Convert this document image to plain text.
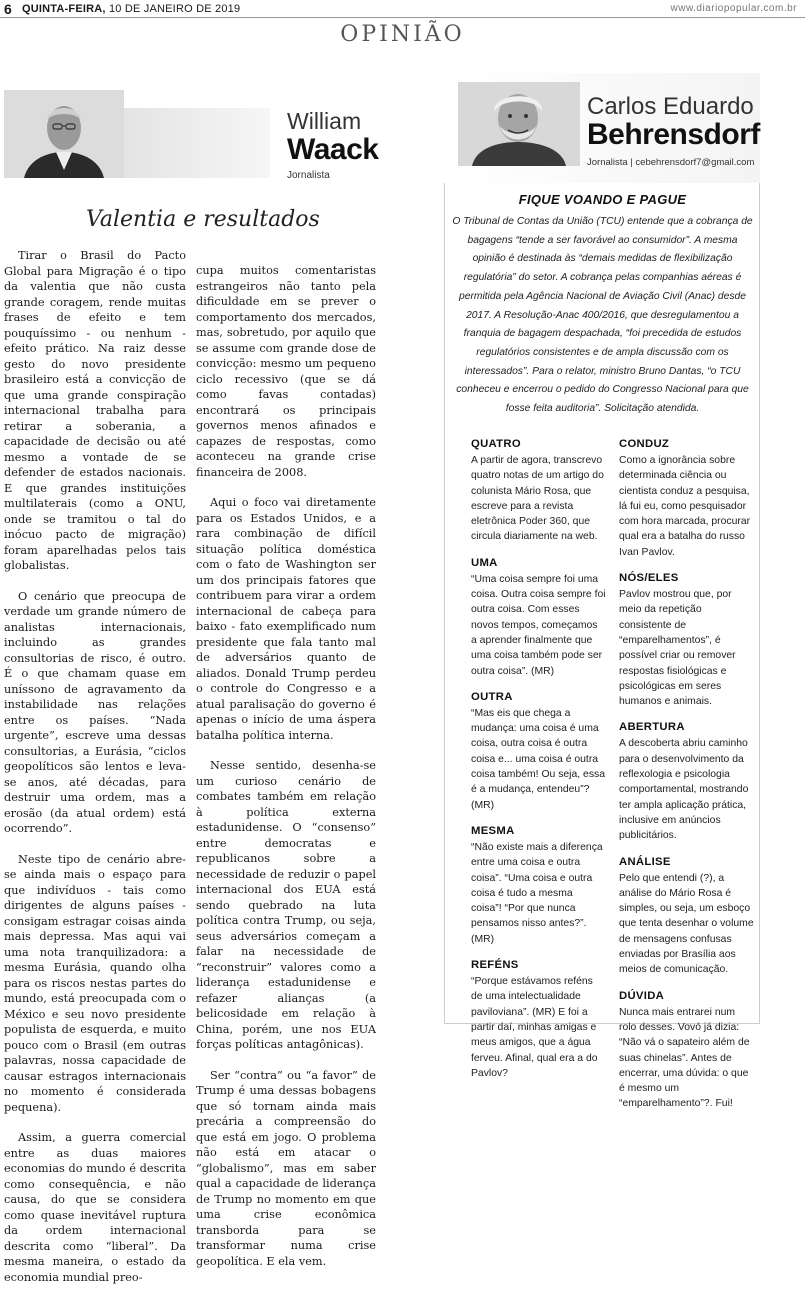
6 QUINTA-FEIRA, 10 DE JANEIRO DE 2019	www.diariopopular.com.br
OPINIÃO
William
Waack
Jornalista
Carlos Eduardo
Behrensdorf
Jornalista | cebehrensdorf7@gmail.com
Valentia e resultados

Tirar o Brasil do Pacto Global para Migração é o tipo da valentia que não custa grande coragem, rende muitas frases de efeito e tem pouquíssimo - ou nenhum - efeito prático. Na raiz desse gesto do novo presidente brasileiro está a convicção de que uma grande conspiração internacional trabalha para retirar a soberania, a capacidade de decisão ou até mesmo a vontade de se defender de estados nacionais. E que grandes instituições multilaterais (como a ONU, onde se tramitou o tal do inócuo pacto de migração) foram aparelhadas pelos tais globalistas.

O cenário que preocupa de verdade um grande número de analistas internacionais, incluindo as grandes consultorias de risco, é outro. É o que chamam quase em uníssono de agravamento da instabilidade nas relações entre os países. “Nada urgente”, escreve uma dessas consultorias, a Eurásia, “ciclos geopolíticos são lentos e leva-se anos, até décadas, para destruir uma ordem, mas a erosão (da atual ordem) está ocorrendo”.

Neste tipo de cenário abre-se ainda mais o espaço para que indivíduos - tais como dirigentes de alguns países - consigam estragar coisas ainda mais depressa. Mas aqui vai uma nota tranquilizadora: a mesma Eurásia, quando olha para os riscos nestas partes do mundo, está preocupada com o México e seu novo presidente populista de esquerda, e muito pouco com o Brasil (em outras palavras, nossa capacidade de causar estragos internacionais no momento é considerada pequena).

Assim, a guerra comercial entre as duas maiores economias do mundo é descrita como consequência, e não causa, do que se considera como quase inevitável ruptura da ordem internacional descrita como “liberal”. Da mesma maneira, o estado da economia mundial preo-

cupa muitos comentaristas estrangeiros não tanto pela dificuldade em se prever o comportamento dos mercados, mas, sobretudo, por aquilo que se assume com grande dose de convicção: mesmo um pequeno ciclo recessivo (que se dá como favas contadas) encontrará os principais governos menos afinados e capazes de respostas, como aconteceu na grande crise financeira de 2008.

Aqui o foco vai diretamente para os Estados Unidos, e a rara combinação de difícil situação política doméstica com o fato de Washington ser um dos principais fatores que contribuem para virar a ordem internacional de cabeça para baixo - fato exemplificado num presidente que fala tanto mal de adversários quanto de aliados. Donald Trump perdeu o controle do Congresso e a atual paralisação do governo é apenas o início de uma áspera batalha política interna.

Nesse sentido, desenha-se um curioso cenário de combates também em relação à política externa estadunidense. O “consenso” entre democratas e republicanos sobre a necessidade de reduzir o papel internacional dos EUA está sendo quebrado na luta política contra Trump, ou seja, seus adversários começam a falar na necessidade de “reconstruir” valores como a liderança estadunidense e refazer alianças (a belicosidade em relação à China, porém, une nos EUA forças políticas antagônicas).

Ser “contra” ou “a favor” de Trump é uma dessas bobagens que só tornam ainda mais precária a compreensão do que está em jogo. O problema não está em atacar o “globalismo”, mas em saber qual a capacidade de liderança de Trump no momento em que uma crise econômica transborda para se transformar numa crise geopolítica. E ela vem.

FIQUE VOANDO E PAGUE
O Tribunal de Contas da União (TCU) entende que a cobrança de bagagens “tende a ser favorável ao consumidor”. A mesma opinião é destinada às “demais medidas de flexibilização regulatória” do setor. A cobrança pelas companhias aéreas é permitida pela Agência Nacional de Aviação Civil (Anac) desde 2017. A Resolução-Anac 400/2016, que desregulamentou a franquia de bagagem despachada, “foi precedida de estudos regulatórios consistentes e de ampla discussão com os interessados”. Para o relator, ministro Bruno Dantas, “o TCU conheceu e encerrou o pedido do Congresso Nacional para que fosse feita auditoria”. Solicitação atendida.
QUATRO
A partir de agora, transcrevo quatro notas de um artigo do colunista Mário Rosa, que escreve para a revista eletrônica Poder 360, que circula diariamente na web.
UMA
“Uma coisa sempre foi uma coisa. Outra coisa sempre foi outra coisa. Com esses novos tempos, começamos a aprender finalmente que uma coisa também pode ser outra coisa”. (MR)
OUTRA
“Mas eis que chega a mudança: uma coisa é uma coisa, outra coisa é outra coisa e... uma coisa é outra coisa também! Ou seja, essa é a mudança, entendeu”? (MR)
MESMA
“Não existe mais a diferença entre uma coisa e outra coisa”. “Uma coisa e outra coisa é tudo a mesma coisa”! “Por que nunca pensamos nisso antes?”. (MR)
REFÉNS
“Porque estávamos reféns de uma intelectualidade paviloviana”. (MR) E foi a partir daí, minhas amigas e meus amigos, que a água ferveu. Afinal, qual era a do Pavlov?
CONDUZ
Como a ignorância sobre determinada ciência ou cientista conduz a pesquisa, lá fui eu, como pesquisador com hora marcada, procurar qual era a batalha do russo Ivan Pavlov.
NÓS/ELES
Pavlov mostrou que, por meio da repetição consistente de “emparelhamentos”, é possível criar ou remover respostas fisiológicas e psicológicas em seres humanos e animais.
ABERTURA
A descoberta abriu caminho para o desenvolvimento da reflexologia e psicologia comportamental, mostrando ter ampla aplicação prática, inclusive em anúncios publicitários.
ANÁLISE
Pelo que entendi (?), a análise do Mário Rosa é simples, ou seja, um esboço que tenta desenhar o volume de mensagens confusas enviadas por Brasília aos meios de comunicação.
DÚVIDA
Nunca mais entrarei num rolo desses. Vovó já dizia: “Não vá o sapateiro além de suas chinelas”. Antes de encerrar, uma dúvida: o que é mesmo um “emparelhamento”?. Fui!
